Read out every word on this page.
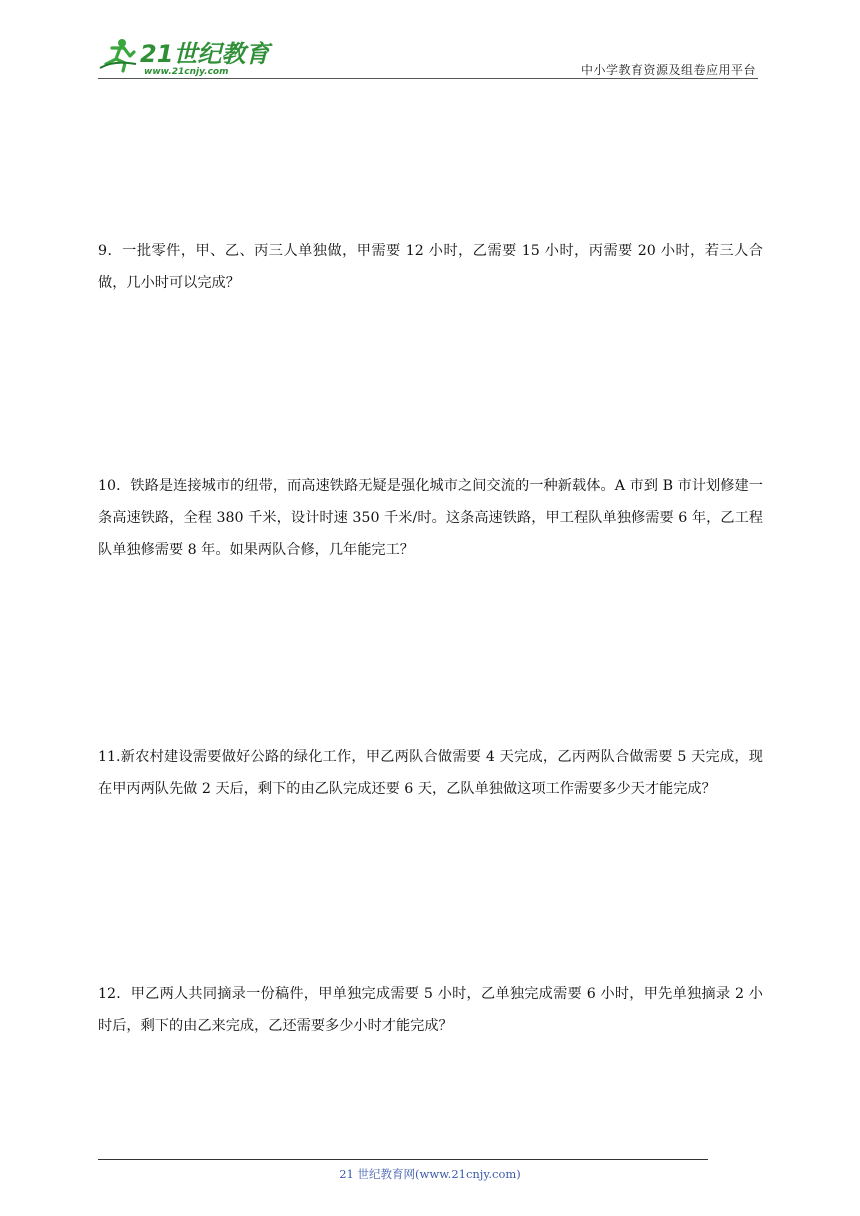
21世纪教育
www.21cnjy.com	中小学教育资源及组卷应用平台
9．一批零件，甲、乙、丙三人单独做，甲需要 12 小时，乙需要 15 小时，丙需要 20 小时，若三人合做，几小时可以完成？
10．铁路是连接城市的纽带，而高速铁路无疑是强化城市之间交流的一种新载体。A 市到 B 市计划修建一条高速铁路，全程 380 千米，设计时速 350 千米/时。这条高速铁路，甲工程队单独修需要 6 年，乙工程队单独修需要 8 年。如果两队合修，几年能完工？
11.新农村建设需要做好公路的绿化工作，甲乙两队合做需要 4 天完成，乙丙两队合做需要 5 天完成，现在甲丙两队先做 2 天后，剩下的由乙队完成还要 6 天，乙队单独做这项工作需要多少天才能完成？
12．甲乙两人共同摘录一份稿件，甲单独完成需要 5 小时，乙单独完成需要 6 小时，甲先单独摘录 2 小时后，剩下的由乙来完成，乙还需要多少小时才能完成？
21 世纪教育网(www.21cnjy.com)
